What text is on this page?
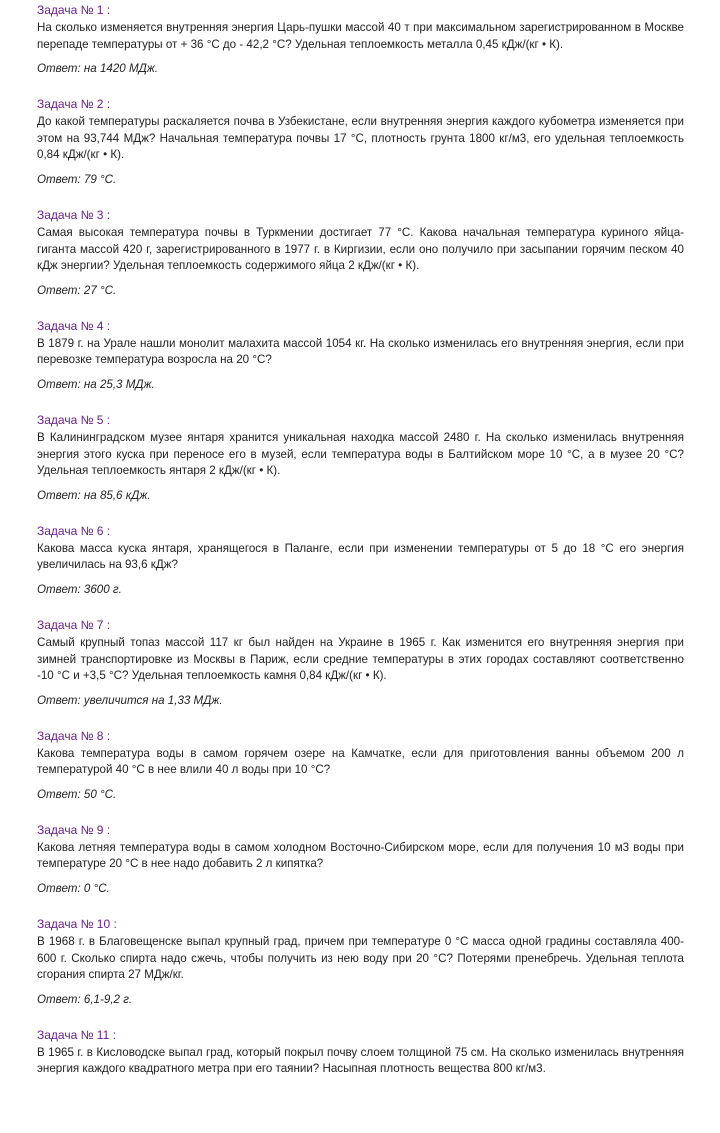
Задача № 1 :
На сколько изменяется внутренняя энергия Царь-пушки массой 40 т при максимальном зарегистрированном в Москве перепаде температуры от + 36 °С до - 42,2 °С? Удельная теплоемкость металла 0,45 кДж/(кг • К).
Ответ: на 1420 МДж.
Задача № 2 :
До какой температуры раскаляется почва в Узбекистане, если внутренняя энергия каждого кубометра изменяется при этом на 93,744 МДж? Начальная температура почвы 17 °С, плотность грунта 1800 кг/м3, его удельная теплоемкость 0,84 кДж/(кг • К).
Ответ: 79 °С.
Задача № 3 :
Самая высокая температура почвы в Туркмении достигает 77 °С. Какова начальная температура куриного яйца-гиганта массой 420 г, зарегистрированного в 1977 г. в Киргизии, если оно получило при засыпании горячим песком 40 кДж энергии? Удельная теплоемкость содержимого яйца 2 кДж/(кг • К).
Ответ: 27 °С.
Задача № 4 :
В 1879 г. на Урале нашли монолит малахита массой 1054 кг. На сколько изменилась его внутренняя энергия, если при перевозке температура возросла на 20 °С?
Ответ: на 25,3 МДж.
Задача № 5 :
В Калининградском музее янтаря хранится уникальная находка массой 2480 г. На сколько изменилась внутренняя энергия этого куска при переносе его в музей, если температура воды в Балтийском море 10 °С, а в музее 20 °С? Удельная теплоемкость янтаря 2 кДж/(кг • К).
Ответ: на 85,6 кДж.
Задача № 6 :
Какова масса куска янтаря, хранящегося в Паланге, если при изменении температуры от 5 до 18 °С его энергия увеличилась на 93,6 кДж?
Ответ: 3600 г.
Задача № 7 :
Самый крупный топаз массой 117 кг был найден на Украине в 1965 г. Как изменится его внутренняя энергия при зимней транспортировке из Москвы в Париж, если средние температуры в этих городах составляют соответственно -10 °С и +3,5 °С? Удельная теплоемкость камня 0,84 кДж/(кг • К).
Ответ: увеличится на 1,33 МДж.
Задача № 8 :
Какова температура воды в самом горячем озере на Камчатке, если для приготовления ванны объемом 200 л температурой 40 °С в нее влили 40 л воды при 10 °С?
Ответ: 50 °С.
Задача № 9 :
Какова летняя температура воды в самом холодном Восточно-Сибирском море, если для получения 10 м3 воды при температуре 20 °С в нее надо добавить 2 л кипятка?
Ответ: 0 °С.
Задача № 10 :
В 1968 г. в Благовещенске выпал крупный град, причем при температуре 0 °С масса одной градины составляла 400-600 г. Сколько спирта надо сжечь, чтобы получить из нею воду при 20 °С? Потерями пренебречь. Удельная теплота сгорания спирта 27 МДж/кг.
Ответ: 6,1-9,2 г.
Задача № 11 :
В 1965 г. в Кисловодске выпал град, который покрыл почву слоем толщиной 75 см. На сколько изменилась внутренняя энергия каждого квадратного метра при его таянии? Насыпная плотность вещества 800 кг/м3.
